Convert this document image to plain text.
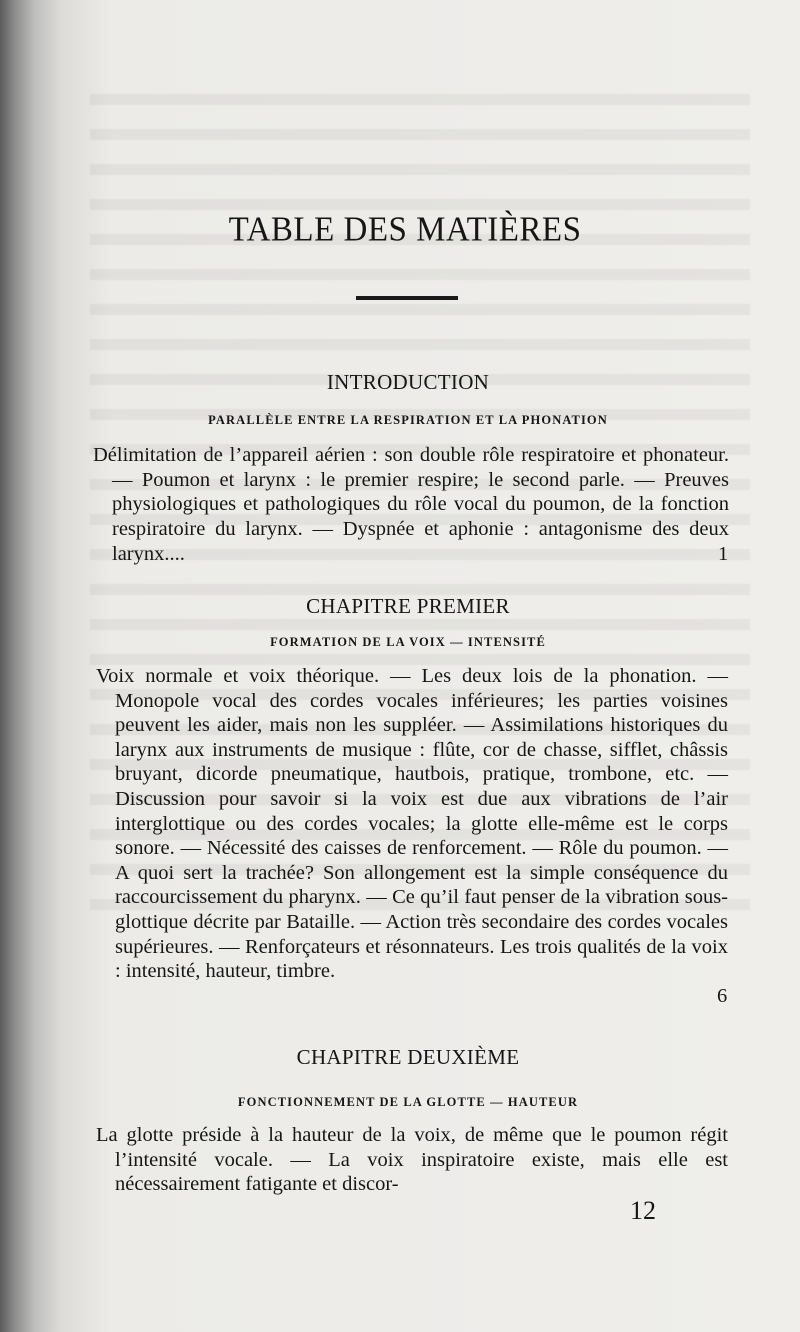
TABLE DES MATIÈRES
INTRODUCTION
PARALLÈLE ENTRE LA RESPIRATION ET LA PHONATION
1
Délimitation de l’appareil aérien : son double rôle respiratoire et phonateur. — Poumon et larynx : le premier respire; le second parle. — Preuves physiologiques et pathologiques du rôle vocal du poumon, de la fonction respiratoire du larynx. — Dyspnée et aphonie : antagonisme des deux larynx....
CHAPITRE PREMIER
FORMATION DE LA VOIX — INTENSITÉ
6
Voix normale et voix théorique. — Les deux lois de la phonation. — Monopole vocal des cordes vocales inférieures; les parties voisines peuvent les aider, mais non les suppléer. — Assimilations historiques du larynx aux instruments de musique : flûte, cor de chasse, sifflet, châssis bruyant, dicorde pneumatique, hautbois, pratique, trombone, etc. — Discussion pour savoir si la voix est due aux vibrations de l’air interglottique ou des cordes vocales; la glotte elle-même est le corps sonore. — Nécessité des caisses de renforcement. — Rôle du poumon. — A quoi sert la trachée? Son allongement est la simple conséquence du raccourcissement du pharynx. — Ce qu’il faut penser de la vibration sous-glottique décrite par Bataille. — Action très secondaire des cordes vocales supérieures. — Renforçateurs et résonnateurs. Les trois qualités de la voix : intensité, hauteur, timbre.
CHAPITRE DEUXIÈME
FONCTIONNEMENT DE LA GLOTTE — HAUTEUR
La glotte préside à la hauteur de la voix, de même que le poumon régit l’intensité vocale. — La voix inspiratoire existe, mais elle est nécessairement fatigante et discor-
12
